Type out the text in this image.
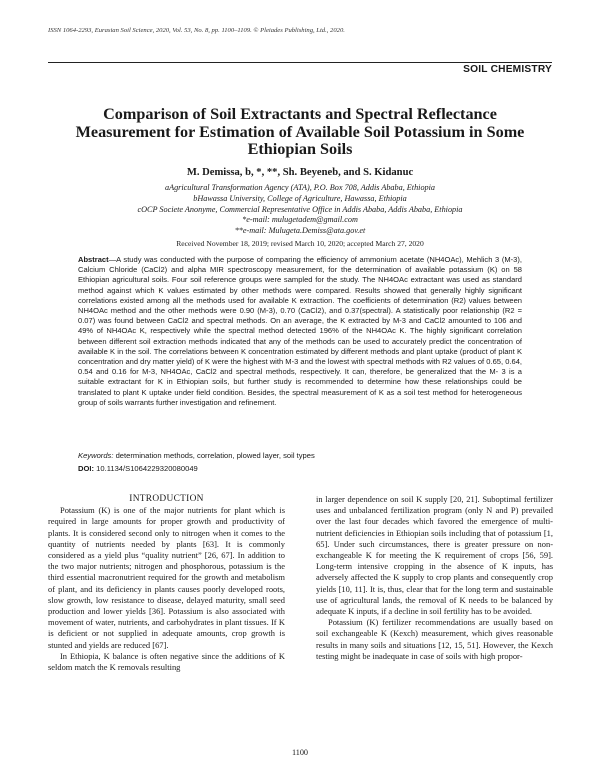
ISSN 1064-2293, Eurasian Soil Science, 2020, Vol. 53, No. 8, pp. 1100–1109. © Pleiades Publishing, Ltd., 2020.
SOIL CHEMISTRY
Comparison of Soil Extractants and Spectral Reflectance Measurement for Estimation of Available Soil Potassium in Some Ethiopian Soils
M. Demissa, b, *, **, Sh. Beyeneb, and S. Kidanuc
aAgricultural Transformation Agency (ATA), P.O. Box 708, Addis Ababa, Ethiopia
bHawassa University, College of Agriculture, Hawassa, Ethiopia
cOCP Societe Anonyme, Commercial Representative Office in Addis Ababa, Addis Ababa, Ethiopia
*e-mail: mulugetadem@gmail.com
**e-mail: Mulugeta.Demiss@ata.gov.et
Received November 18, 2019; revised March 10, 2020; accepted March 27, 2020
Abstract—A study was conducted with the purpose of comparing the efficiency of ammonium acetate (NH4OAc), Mehlich 3 (M-3), Calcium Chloride (CaCl2) and alpha MIR spectroscopy measurement, for the determination of available potassium (K) on 58 Ethiopian agricultural soils. Four soil reference groups were sampled for the study. The NH4OAc extractant was used as standard method against which K values estimated by other methods were compared. Results showed that generally highly significant correlations existed among all the methods used for available K extraction. The coefficients of determination (R2) values between NH4OAc method and the other methods were 0.90 (M-3), 0.70 (CaCl2), and 0.37(spectral). A statistically poor relationship (R2 = 0.07) was found between CaCl2 and spectral methods. On an average, the K extracted by M-3 and CaCl2 amounted to 106 and 49% of NH4OAc K, respectively while the spectral method detected 196% of the NH4OAc K. The highly significant correlation between different soil extraction methods indicated that any of the methods can be used to accurately predict the concentration of available K in the soil. The correlations between K concentration estimated by different methods and plant uptake (product of plant K concentration and dry matter yield) of K were the highest with M-3 and the lowest with spectral methods with R2 values of 0.65, 0.64, 0.54 and 0.16 for M-3, NH4OAc, CaCl2 and spectral methods, respectively. It can, therefore, be generalized that the M- 3 is a suitable extractant for K in Ethiopian soils, but further study is recommended to determine how these relationships could be translated to plant K uptake under field condition. Besides, the spectral measurement of K as a soil test method for heterogeneous group of soils warrants further investigation and refinement.
Keywords: determination methods, correlation, plowed layer, soil types
DOI: 10.1134/S1064229320080049

INTRODUCTION

Potassium (K) is one of the major nutrients for plant which is required in large amounts for proper growth and productivity of plants. It is considered second only to nitrogen when it comes to the quantity of nutrients needed by plants [63]. It is commonly considered as a yield plus “quality nutrient” [26, 67]. In addition to the two major nutrients; nitrogen and phosphorous, potassium is the third essential macronutrient required for the growth and metabolism of plant, and its deficiency in plants causes poorly developed roots, slow growth, low resistance to disease, delayed maturity, small seed production and lower yields [36]. Potassium is also associated with movement of water, nutrients, and carbohydrates in plant tissues. If K is deficient or not supplied in adequate amounts, crop growth is stunted and yields are reduced [67].

In Ethiopia, K balance is often negative since the additions of K seldom match the K removals resulting

in larger dependence on soil K supply [20, 21]. Suboptimal fertilizer uses and unbalanced fertilization program (only N and P) prevailed over the last four decades which favored the emergence of multi-nutrient deficiencies in Ethiopian soils including that of potassium [1, 65]. Under such circumstances, there is greater pressure on non-exchangeable K for meeting the K requirement of crops [56, 59]. Long-term intensive cropping in the absence of K inputs, has adversely affected the K supply to crop plants and consequently crop yields [10, 11]. It is, thus, clear that for the long term and sustainable use of agricultural lands, the removal of K needs to be balanced by adequate K inputs, if a decline in soil fertility has to be avoided.

Potassium (K) fertilizer recommendations are usually based on soil exchangeable K (Kexch) measurement, which gives reasonable results in many soils and situations [12, 15, 51]. However, the Kexch testing might be inadequate in case of soils with high propor-

1100
